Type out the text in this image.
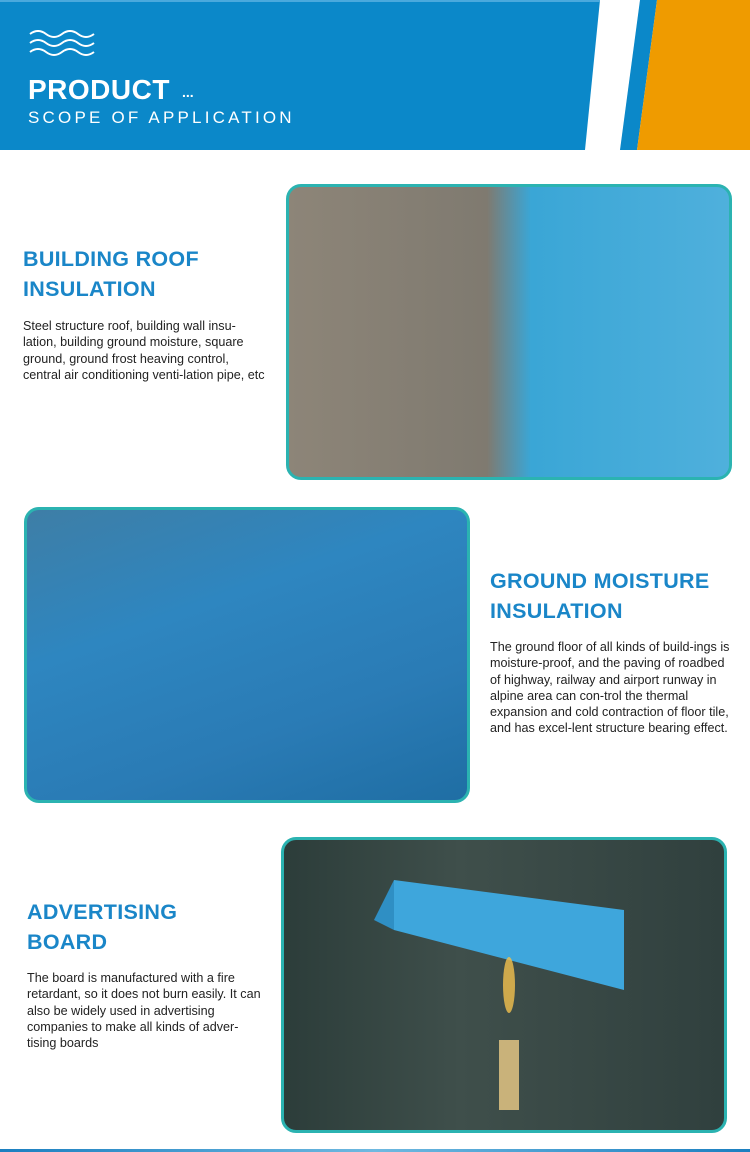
PRODUCT ...
SCOPE OF APPLICATION
BUILDING ROOF
INSULATION
Steel structure roof, building wall insu-lation, building ground moisture, square ground, ground frost heaving control, central air conditioning venti-lation pipe, etc
GROUND MOISTURE
INSULATION
The ground floor of all kinds of build-ings is moisture-proof, and the paving of roadbed of highway, railway and airport runway in alpine area can con-trol the thermal expansion and cold contraction of floor tile, and has excel-lent structure bearing effect.
ADVERTISING
BOARD
The board is manufactured with a fire retardant, so it does not burn easily. It can also be widely used in advertising companies to make all kinds of adver-tising boards
